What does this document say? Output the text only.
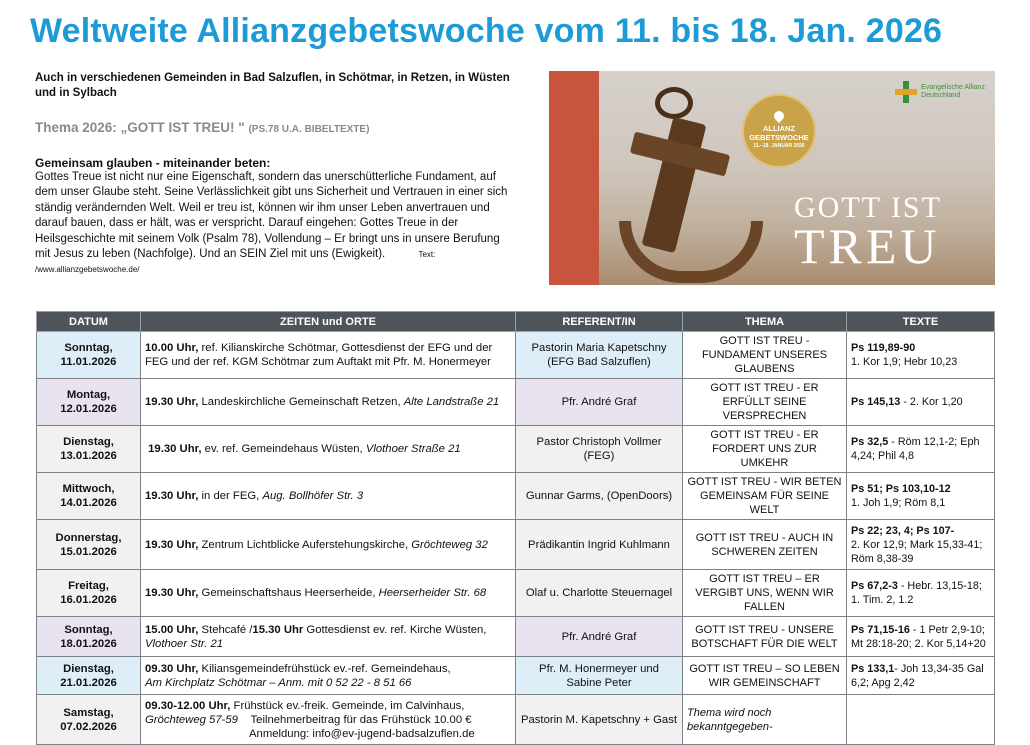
Weltweite Allianzgebetswoche vom 11. bis 18. Jan. 2026
Auch in verschiedenen Gemeinden in Bad Salzuflen, in Schötmar, in Retzen, in Wüsten und in Sylbach
Thema 2026: „GOTT IST TREU! " (PS.78 U.A. BIBELTEXTE)
Gemeinsam glauben - miteinander beten:
Gottes Treue ist nicht nur eine Eigenschaft, sondern das unerschütterliche Fundament, auf dem unser Glaube steht. Seine Verlässlichkeit gibt uns Sicherheit und Vertrauen in einer sich ständig verändernden Welt. Weil er treu ist, können wir ihm unser Leben anvertrauen und darauf bauen, dass er hält, was er verspricht. Darauf eingehen: Gottes Treue in der Heilsgeschichte mit seinem Volk (Psalm 78), Vollendung – Er bringt uns in unsere Berufung mit Jesus zu leben (Nachfolge). Und an SEIN Ziel mit uns (Ewigkeit).	Text: /www.allianzgebetswoche.de/
ALLIANZ
GEBETSWOCHE
11.–18. JANUAR 2026
Evangelische Allianz
Deutschland
GOTT IST
TREU
DATUM	ZEITEN und ORTE	REFERENT/IN	THEMA	TEXTE
Sonntag,
11.01.2026	10.00 Uhr, ref. Kilianskirche Schötmar, Gottesdienst der EFG und der FEG und der ref. KGM Schötmar zum Auftakt mit Pfr. M. Honermeyer	Pastorin Maria Kapetschny (EFG Bad Salzuflen)	GOTT IST TREU - FUNDAMENT UNSERES GLAUBENS	Ps 119,89-90
1. Kor 1,9; Hebr 10,23
Montag,
12.01.2026	19.30 Uhr, Landeskirchliche Gemeinschaft Retzen, Alte Landstraße 21	Pfr. André Graf	GOTT IST TREU - ER ERFÜLLT SEINE VERSPRECHEN	Ps 145,13 - 2. Kor 1,20
Dienstag,
13.01.2026	19.30 Uhr, ev. ref. Gemeindehaus Wüsten, Vlothoer Straße 21	Pastor Christoph Vollmer (FEG)	GOTT IST TREU - ER FORDERT UNS ZUR UMKEHR	Ps 32,5 - Röm 12,1-2; Eph 4,24; Phil 4,8
Mittwoch,
14.01.2026	19.30 Uhr, in der FEG, Aug. Bollhöfer Str. 3	Gunnar Garms, (OpenDoors)	GOTT IST TREU - WIR BETEN GEMEINSAM FÜR SEINE WELT	Ps 51; Ps 103,10-12
1. Joh 1,9; Röm 8,1
Donnerstag,
15.01.2026	19.30 Uhr, Zentrum Lichtblicke Auferstehungskirche, Gröchteweg 32	Prädikantin Ingrid Kuhlmann	GOTT IST TREU - AUCH IN SCHWEREN ZEITEN	Ps 22; 23, 4; Ps 107-
2. Kor 12,9; Mark 15,33-41; Röm 8,38-39
Freitag,
16.01.2026	19.30 Uhr, Gemeinschaftshaus Heerserheide, Heerserheider Str. 68	Olaf u. Charlotte Steuernagel	GOTT IST TREU – ER VERGIBT UNS, WENN WIR FALLEN	Ps 67,2-3 - Hebr. 13,15-18; 1. Tim. 2, 1.2
Sonntag,
18.01.2026	15.00 Uhr, Stehcafé /15.30 Uhr Gottesdienst ev. ref. Kirche Wüsten, Vlothoer Str. 21	Pfr. André Graf	GOTT IST TREU - UNSERE BOTSCHAFT FÜR DIE WELT	Ps 71,15-16 - 1 Petr 2,9-10; Mt 28:18-20; 2. Kor 5,14+20
Dienstag,
21.01.2026	09.30 Uhr, Kiliansgemeindefrühstück ev.-ref. Gemeindehaus,
Am Kirchplatz Schötmar – Anm. mit 0 52 22 - 8 51 66	Pfr. M. Honermeyer und Sabine Peter	GOTT IST TREU – SO LEBEN WIR GEMEINSCHAFT	Ps 133,1- Joh 13,34-35 Gal 6,2; Apg 2,42
Samstag,
07.02.2026	09.30-12.00 Uhr, Frühstück ev.-freik. Gemeinde, im Calvinhaus,
Gröchteweg 57-59 Teilnehmerbeitrag für das Frühstück 10.00 €
Anmeldung: info@ev-jugend-badsalzuflen.de	Pastorin M. Kapetschny + Gast	Thema wird noch bekanntgegeben-	
